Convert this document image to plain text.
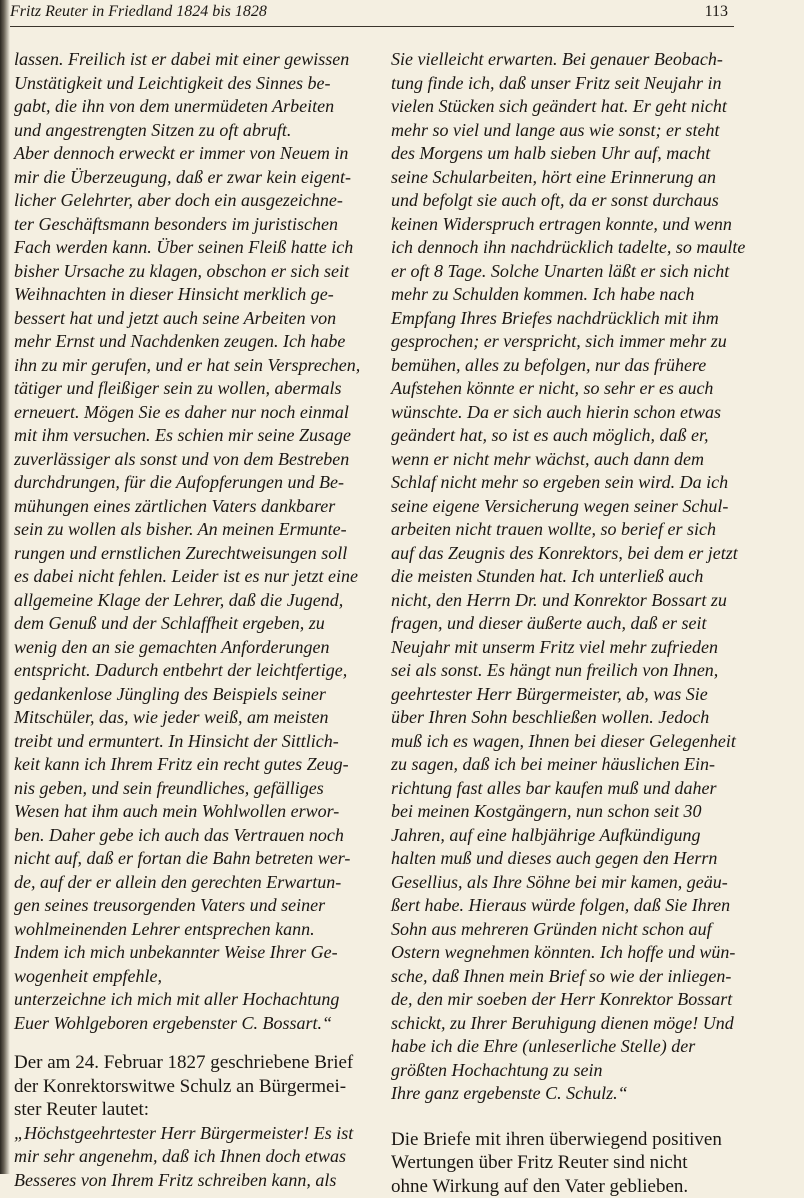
Fritz Reuter in Friedland 1824 bis 1828	113
lassen. Freilich ist er dabei mit einer gewissen
Unstätigkeit und Leichtigkeit des Sinnes be-
gabt, die ihn von dem unermüdeten Arbeiten
und angestrengten Sitzen zu oft abruft.
Aber dennoch erweckt er immer von Neuem in
mir die Überzeugung, daß er zwar kein eigent-
licher Gelehrter, aber doch ein ausgezeichne-
ter Geschäftsmann besonders im juristischen
Fach werden kann. Über seinen Fleiß hatte ich
bisher Ursache zu klagen, obschon er sich seit
Weihnachten in dieser Hinsicht merklich ge-
bessert hat und jetzt auch seine Arbeiten von
mehr Ernst und Nachdenken zeugen. Ich habe
ihn zu mir gerufen, und er hat sein Versprechen,
tätiger und fleißiger sein zu wollen, abermals
erneuert. Mögen Sie es daher nur noch einmal
mit ihm versuchen. Es schien mir seine Zusage
zuverlässiger als sonst und von dem Bestreben
durchdrungen, für die Aufopferungen und Be-
mühungen eines zärtlichen Vaters dankbarer
sein zu wollen als bisher. An meinen Ermunte-
rungen und ernstlichen Zurechtweisungen soll
es dabei nicht fehlen. Leider ist es nur jetzt eine
allgemeine Klage der Lehrer, daß die Jugend,
dem Genuß und der Schlaffheit ergeben, zu
wenig den an sie gemachten Anforderungen
entspricht. Dadurch entbehrt der leichtfertige,
gedankenlose Jüngling des Beispiels seiner
Mitschüler, das, wie jeder weiß, am meisten
treibt und ermuntert. In Hinsicht der Sittlich-
keit kann ich Ihrem Fritz ein recht gutes Zeug-
nis geben, und sein freundliches, gefälliges
Wesen hat ihm auch mein Wohlwollen erwor-
ben. Daher gebe ich auch das Vertrauen noch
nicht auf, daß er fortan die Bahn betreten wer-
de, auf der er allein den gerechten Erwartun-
gen seines treusorgenden Vaters und seiner
wohlmeinenden Lehrer entsprechen kann.
Indem ich mich unbekannter Weise Ihrer Ge-
wogenheit empfehle,
unterzeichne ich mich mit aller Hochachtung
Euer Wohlgeboren ergebenster C. Bossart.“
Der am 24. Februar 1827 geschriebene Brief
der Konrektorswitwe Schulz an Bürgermei-
ster Reuter lautet:
„Höchstgeehrtester Herr Bürgermeister! Es ist
mir sehr angenehm, daß ich Ihnen doch etwas
Besseres von Ihrem Fritz schreiben kann, als
Sie vielleicht erwarten. Bei genauer Beobach-
tung finde ich, daß unser Fritz seit Neujahr in
vielen Stücken sich geändert hat. Er geht nicht
mehr so viel und lange aus wie sonst; er steht
des Morgens um halb sieben Uhr auf, macht
seine Schularbeiten, hört eine Erinnerung an
und befolgt sie auch oft, da er sonst durchaus
keinen Widerspruch ertragen konnte, und wenn
ich dennoch ihn nachdrücklich tadelte, so maulte
er oft 8 Tage. Solche Unarten läßt er sich nicht
mehr zu Schulden kommen. Ich habe nach
Empfang Ihres Briefes nachdrücklich mit ihm
gesprochen; er verspricht, sich immer mehr zu
bemühen, alles zu befolgen, nur das frühere
Aufstehen könnte er nicht, so sehr er es auch
wünschte. Da er sich auch hierin schon etwas
geändert hat, so ist es auch möglich, daß er,
wenn er nicht mehr wächst, auch dann dem
Schlaf nicht mehr so ergeben sein wird. Da ich
seine eigene Versicherung wegen seiner Schul-
arbeiten nicht trauen wollte, so berief er sich
auf das Zeugnis des Konrektors, bei dem er jetzt
die meisten Stunden hat. Ich unterließ auch
nicht, den Herrn Dr. und Konrektor Bossart zu
fragen, und dieser äußerte auch, daß er seit
Neujahr mit unserm Fritz viel mehr zufrieden
sei als sonst. Es hängt nun freilich von Ihnen,
geehrtester Herr Bürgermeister, ab, was Sie
über Ihren Sohn beschließen wollen. Jedoch
muß ich es wagen, Ihnen bei dieser Gelegenheit
zu sagen, daß ich bei meiner häuslichen Ein-
richtung fast alles bar kaufen muß und daher
bei meinen Kostgängern, nun schon seit 30
Jahren, auf eine halbjährige Aufkündigung
halten muß und dieses auch gegen den Herrn
Gesellius, als Ihre Söhne bei mir kamen, geäu-
ßert habe. Hieraus würde folgen, daß Sie Ihren
Sohn aus mehreren Gründen nicht schon auf
Ostern wegnehmen könnten. Ich hoffe und wün-
sche, daß Ihnen mein Brief so wie der inliegen-
de, den mir soeben der Herr Konrektor Bossart
schickt, zu Ihrer Beruhigung dienen möge! Und
habe ich die Ehre (unleserliche Stelle) der
größten Hochachtung zu sein
Ihre ganz ergebenste C. Schulz.“
Die Briefe mit ihren überwiegend positiven
Wertungen über Fritz Reuter sind nicht
ohne Wirkung auf den Vater geblieben.
